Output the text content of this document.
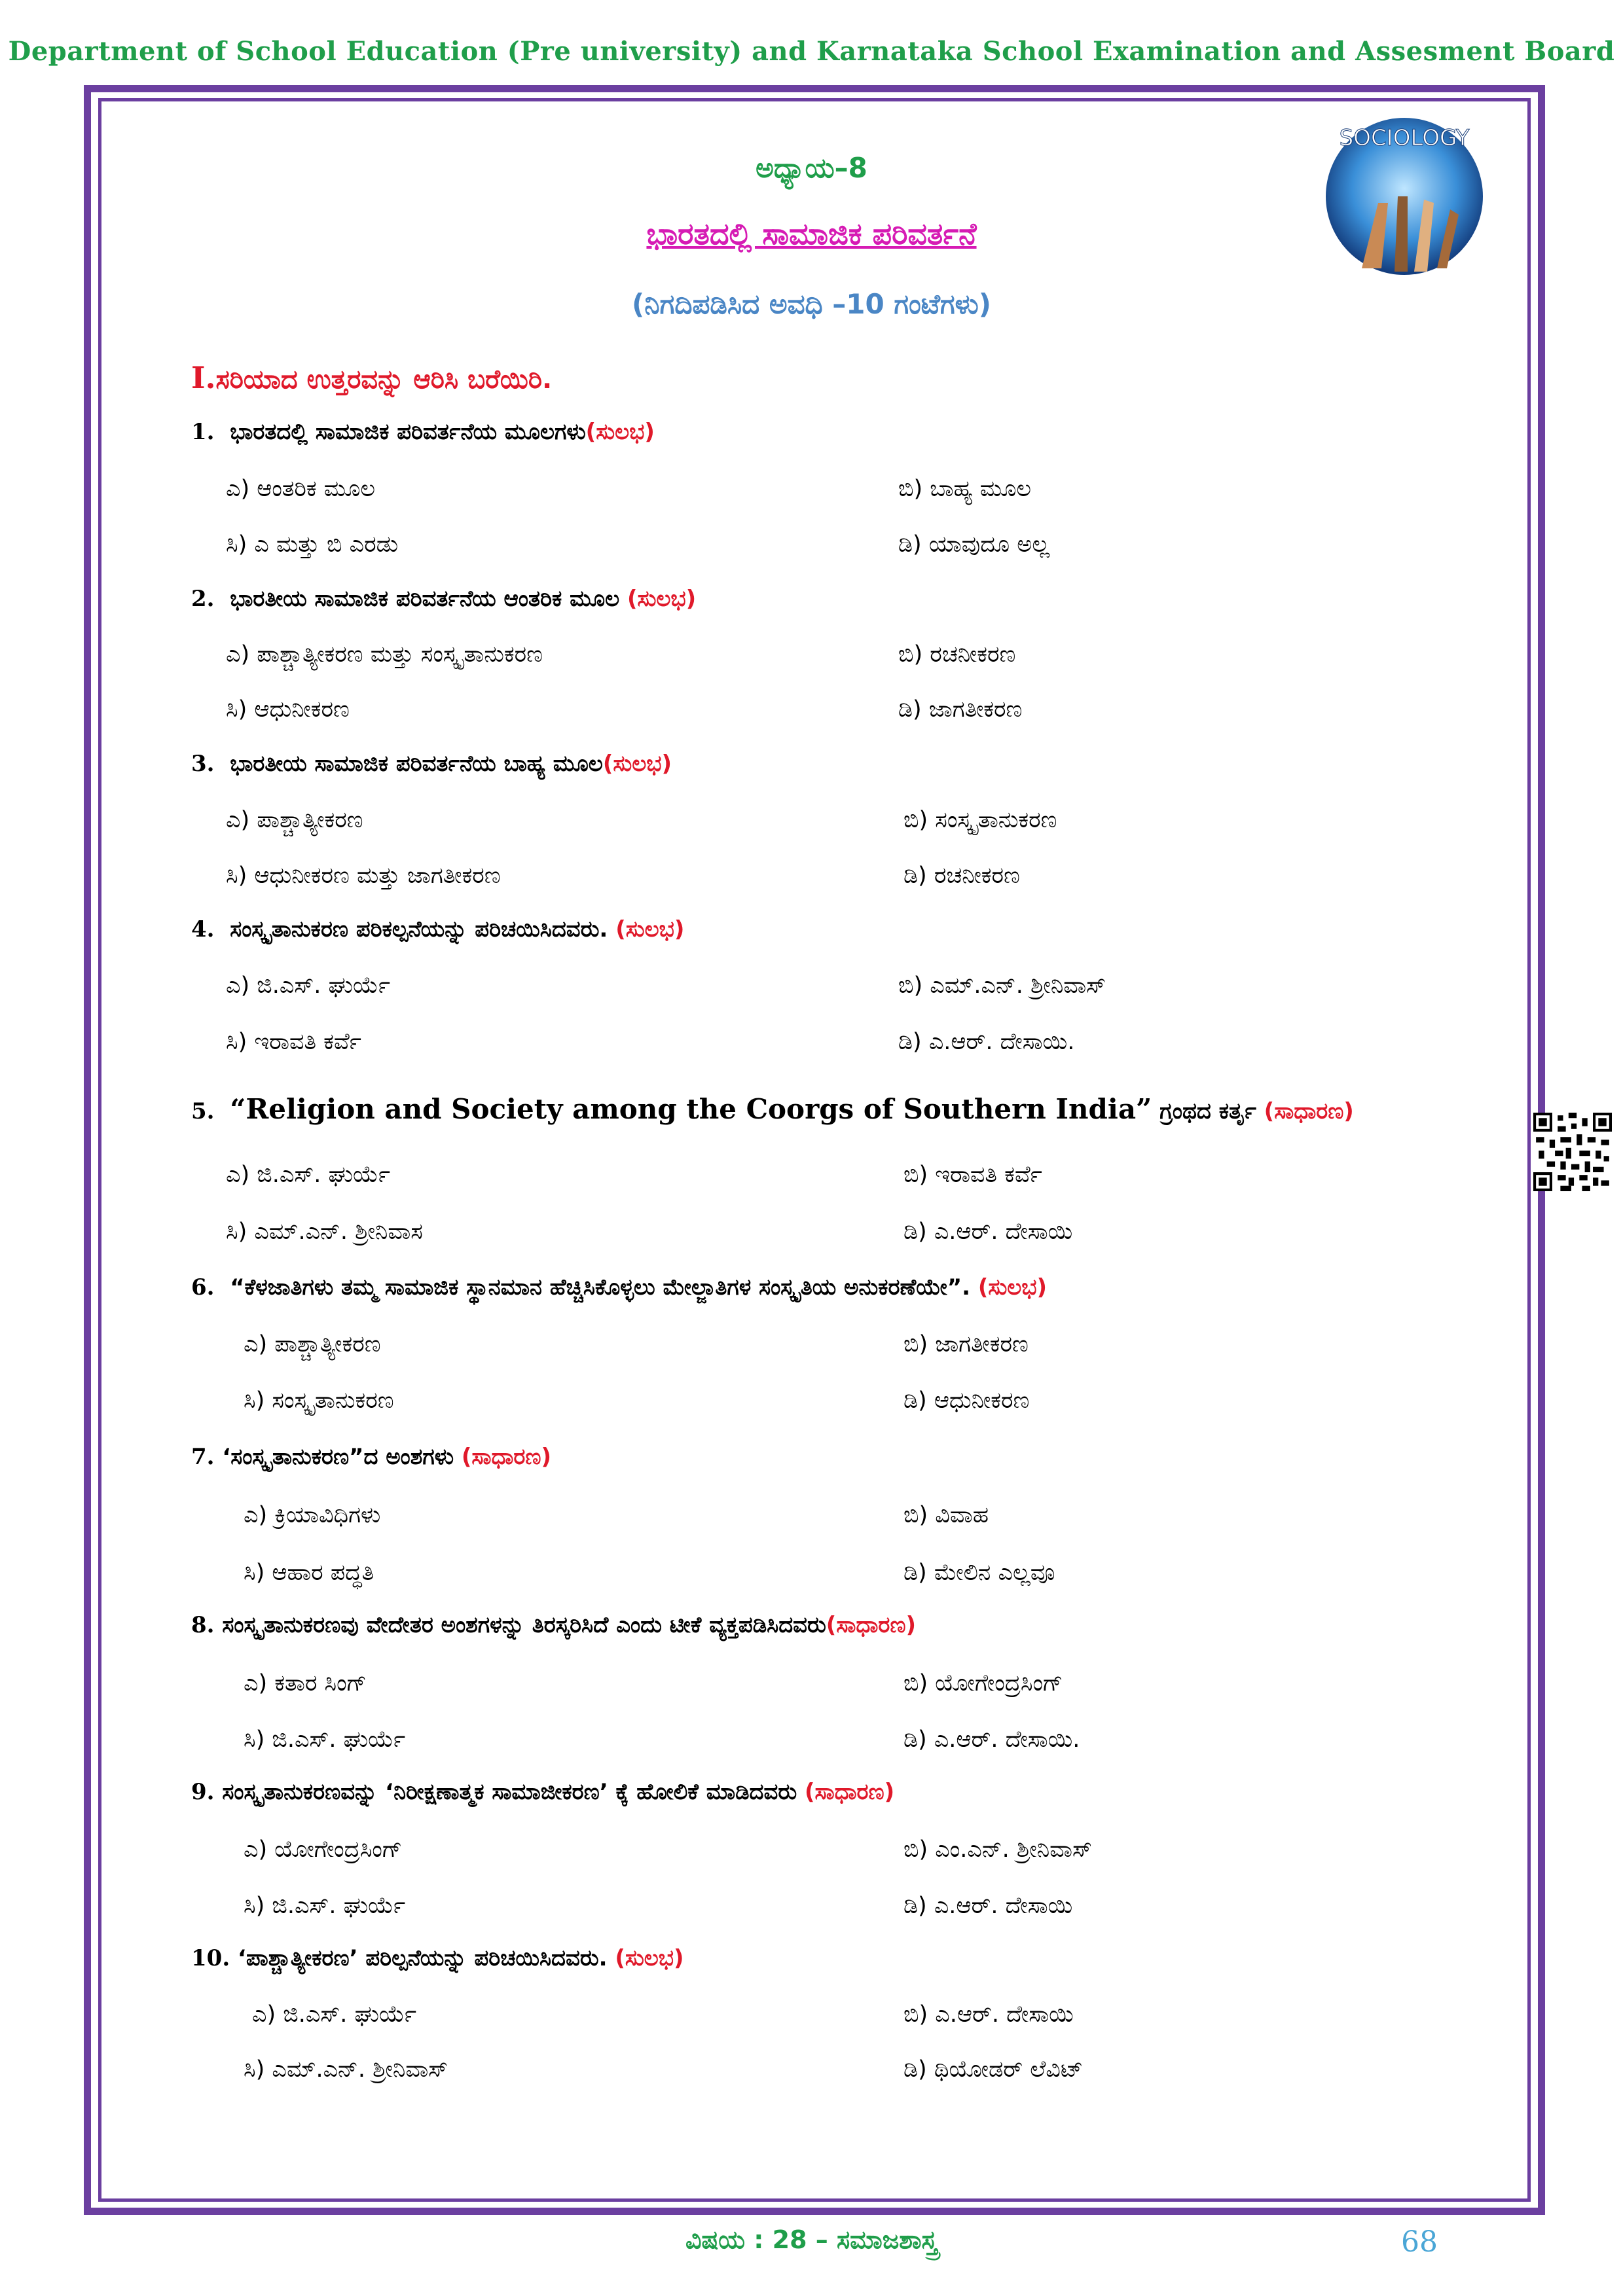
Department of School Education (Pre university) and Karnataka School Examination and Assesment Board
SOCIOLOGY
ಅಧ್ಯಾಯ–8
ಭಾರತದಲ್ಲಿ ಸಾಮಾಜಿಕ ಪರಿವರ್ತನೆ
(ನಿಗದಿಪಡಿಸಿದ ಅವಧಿ –10 ಗಂಟೆಗಳು)
I.ಸರಿಯಾದ ಉತ್ತರವನ್ನು ಆರಿಸಿ ಬರೆಯಿರಿ.
1. ಭಾರತದಲ್ಲಿ ಸಾಮಾಜಿಕ ಪರಿವರ್ತನೆಯ ಮೂಲಗಳು(ಸುಲಭ)
ಎ) ಆಂತರಿಕ ಮೂಲ	ಬಿ) ಬಾಹ್ಯ ಮೂಲ
ಸಿ) ಎ ಮತ್ತು ಬಿ ಎರಡು	ಡಿ) ಯಾವುದೂ ಅಲ್ಲ
2. ಭಾರತೀಯ ಸಾಮಾಜಿಕ ಪರಿವರ್ತನೆಯ ಆಂತರಿಕ ಮೂಲ (ಸುಲಭ)
ಎ) ಪಾಶ್ಚಾತ್ಯೀಕರಣ ಮತ್ತು ಸಂಸ್ಕೃತಾನುಕರಣ	ಬಿ) ರಚನೀಕರಣ
ಸಿ) ಆಧುನೀಕರಣ	ಡಿ) ಜಾಗತೀಕರಣ
3. ಭಾರತೀಯ ಸಾಮಾಜಿಕ ಪರಿವರ್ತನೆಯ ಬಾಹ್ಯ ಮೂಲ(ಸುಲಭ)
ಎ) ಪಾಶ್ಚಾತ್ಯೀಕರಣ	ಬಿ) ಸಂಸ್ಕೃತಾನುಕರಣ
ಸಿ) ಆಧುನೀಕರಣ ಮತ್ತು ಜಾಗತೀಕರಣ	ಡಿ) ರಚನೀಕರಣ
4. ಸಂಸ್ಕೃತಾನುಕರಣ ಪರಿಕಲ್ಪನೆಯನ್ನು ಪರಿಚಯಿಸಿದವರು. (ಸುಲಭ)
ಎ) ಜಿ.ಎಸ್. ಘುರ್ಯೆ	ಬಿ) ಎಮ್.ಎನ್. ಶ್ರೀನಿವಾಸ್
ಸಿ) ಇರಾವತಿ ಕರ್ವೆ	ಡಿ) ಎ.ಆರ್. ದೇಸಾಯಿ.
5. “Religion and Society among the Coorgs of Southern India” ಗ್ರಂಥದ ಕರ್ತೃ (ಸಾಧಾರಣ)
ಎ) ಜಿ.ಎಸ್. ಘುರ್ಯೆ	ಬಿ) ಇರಾವತಿ ಕರ್ವೆ
ಸಿ) ಎಮ್.ಎನ್. ಶ್ರೀನಿವಾಸ	ಡಿ) ಎ.ಆರ್. ದೇಸಾಯಿ
6. “ಕೆಳಜಾತಿಗಳು ತಮ್ಮ ಸಾಮಾಜಿಕ ಸ್ಥಾನಮಾನ ಹೆಚ್ಚಿಸಿಕೊಳ್ಳಲು ಮೇಲ್ಜಾತಿಗಳ ಸಂಸ್ಕೃತಿಯ ಅನುಕರಣೆಯೇ”. (ಸುಲಭ)
ಎ) ಪಾಶ್ಚಾತ್ಯೀಕರಣ	ಬಿ) ಜಾಗತೀಕರಣ
ಸಿ) ಸಂಸ್ಕೃತಾನುಕರಣ	ಡಿ) ಆಧುನೀಕರಣ
7. ‘ಸಂಸ್ಕೃತಾನುಕರಣ”ದ ಅಂಶಗಳು (ಸಾಧಾರಣ)
ಎ) ಕ್ರಿಯಾವಿಧಿಗಳು	ಬಿ) ವಿವಾಹ
ಸಿ) ಆಹಾರ ಪದ್ಧತಿ	ಡಿ) ಮೇಲಿನ ಎಲ್ಲವೂ
8. ಸಂಸ್ಕೃತಾನುಕರಣವು ವೇದೇತರ ಅಂಶಗಳನ್ನು ತಿರಸ್ಕರಿಸಿದೆ ಎಂದು ಟೀಕೆ ವ್ಯಕ್ತಪಡಿಸಿದವರು(ಸಾಧಾರಣ)
ಎ) ಕತಾರ ಸಿಂಗ್	ಬಿ) ಯೋಗೇಂದ್ರಸಿಂಗ್
ಸಿ) ಜಿ.ಎಸ್. ಘುರ್ಯೆ	ಡಿ) ಎ.ಆರ್. ದೇಸಾಯಿ.
9. ಸಂಸ್ಕೃತಾನುಕರಣವನ್ನು ‘ನಿರೀಕ್ಷಣಾತ್ಮಕ ಸಾಮಾಜೀಕರಣ’ ಕ್ಕೆ ಹೋಲಿಕೆ ಮಾಡಿದವರು (ಸಾಧಾರಣ)
ಎ) ಯೋಗೇಂದ್ರಸಿಂಗ್	ಬಿ) ಎಂ.ಎನ್. ಶ್ರೀನಿವಾಸ್
ಸಿ) ಜಿ.ಎಸ್. ಘುರ್ಯೆ	ಡಿ) ಎ.ಆರ್. ದೇಸಾಯಿ
10. ‘ಪಾಶ್ಚಾತ್ಯೀಕರಣ’ ಪರಿಲ್ಪನೆಯನ್ನು ಪರಿಚಯಿಸಿದವರು. (ಸುಲಭ)
ಎ) ಜಿ.ಎಸ್. ಘುರ್ಯೆ	ಬಿ) ಎ.ಆರ್. ದೇಸಾಯಿ
ಸಿ) ಎಮ್.ಎನ್. ಶ್ರೀನಿವಾಸ್	ಡಿ) ಥಿಯೋಡರ್ ಲೆವಿಟ್
ವಿಷಯ : 28 – ಸಮಾಜಶಾಸ್ತ್ರ	68
